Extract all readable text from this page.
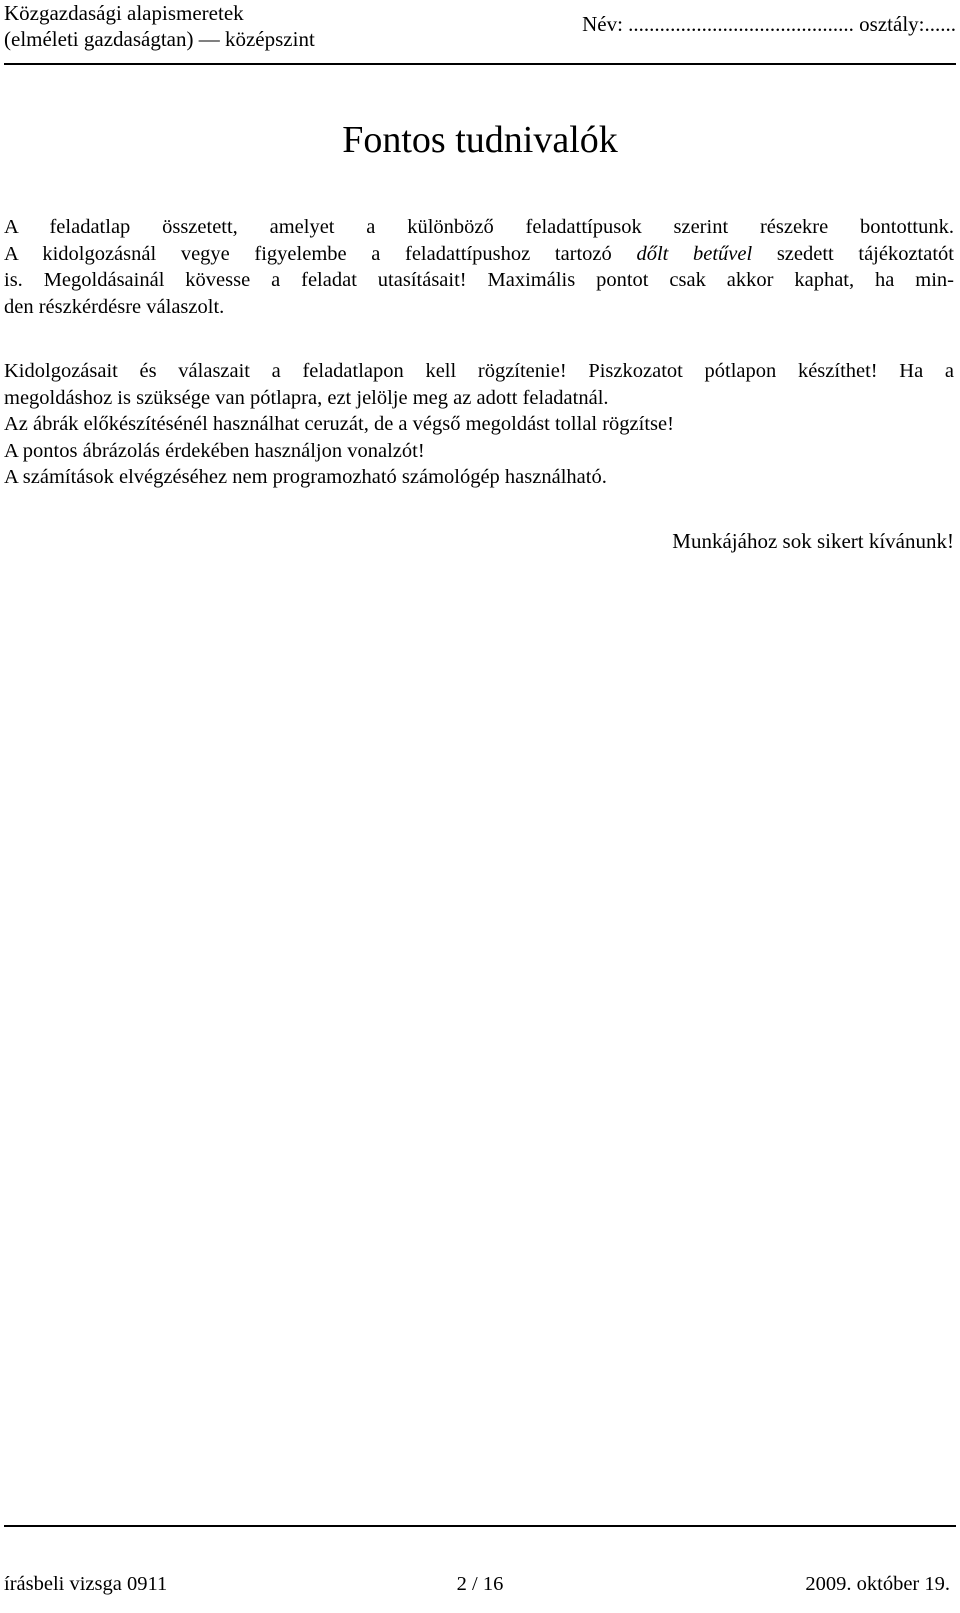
Közgazdasági alapismeretek
(elméleti gazdaságtan) — középszint
Név: ........................................... osztály:......
Fontos tudnivalók
A feladatlap összetett, amelyet a különböző feladattípusok szerint részekre bontottunk.
A kidolgozásnál vegye figyelembe a feladattípushoz tartozó dőlt betűvel szedett tájékoztatót
is. Megoldásainál kövesse a feladat utasításait! Maximális pontot csak akkor kaphat, ha min-
den részkérdésre válaszolt.
Kidolgozásait és válaszait a feladatlapon kell rögzítenie! Piszkozatot pótlapon készíthet! Ha a
megoldáshoz is szüksége van pótlapra, ezt jelölje meg az adott feladatnál.
Az ábrák előkészítésénél használhat ceruzát, de a végső megoldást tollal rögzítse!
A pontos ábrázolás érdekében használjon vonalzót!
A számítások elvégzéséhez nem programozható számológép használható.
Munkájához sok sikert kívánunk!
írásbeli vizsga 0911	2 / 16	2009. október 19.
